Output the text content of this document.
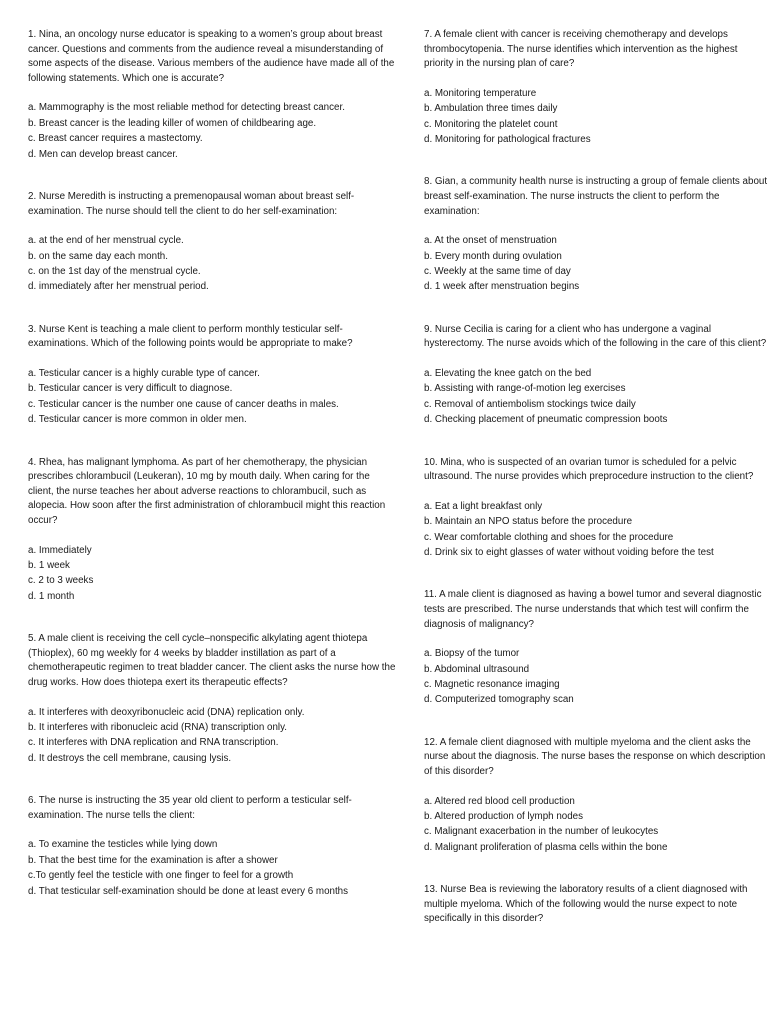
1. Nina, an oncology nurse educator is speaking to a women’s group about breast cancer. Questions and comments from the audience reveal a misunderstanding of some aspects of the disease. Various members of the audience have made all of the following statements. Which one is accurate?

a. Mammography is the most reliable method for detecting breast cancer.

b. Breast cancer is the leading killer of women of childbearing age.

c. Breast cancer requires a mastectomy.

d. Men can develop breast cancer.

2. Nurse Meredith is instructing a premenopausal woman about breast self-examination. The nurse should tell the client to do her self-examination:

a. at the end of her menstrual cycle.

b. on the same day each month.

c. on the 1st day of the menstrual cycle.

d. immediately after her menstrual period.

3. Nurse Kent is teaching a male client to perform monthly testicular self-examinations. Which of the following points would be appropriate to make?

a. Testicular cancer is a highly curable type of cancer.

b. Testicular cancer is very difficult to diagnose.

c. Testicular cancer is the number one cause of cancer deaths in males.

d. Testicular cancer is more common in older men.

4. Rhea, has malignant lymphoma. As part of her chemotherapy, the physician prescribes chlorambucil (Leukeran), 10 mg by mouth daily. When caring for the client, the nurse teaches her about adverse reactions to chlorambucil, such as alopecia. How soon after the first administration of chlorambucil might this reaction occur?

a. Immediately

b. 1 week

c. 2 to 3 weeks

d. 1 month

5. A male client is receiving the cell cycle–nonspecific alkylating agent thiotepa (Thioplex), 60 mg weekly for 4 weeks by bladder instillation as part of a chemotherapeutic regimen to treat bladder cancer. The client asks the nurse how the drug works. How does thiotepa exert its therapeutic effects?

a. It interferes with deoxyribonucleic acid (DNA) replication only.

b. It interferes with ribonucleic acid (RNA) transcription only.

c. It interferes with DNA replication and RNA transcription.

d. It destroys the cell membrane, causing lysis.

6. The nurse is instructing the 35 year old client to perform a testicular self-examination. The nurse tells the client:

a. To examine the testicles while lying down

b. That the best time for the examination is after a shower

c.To gently feel the testicle with one finger to feel for a growth

d. That testicular self-examination should be done at least every 6 months

7. A female client with cancer is receiving chemotherapy and develops thrombocytopenia. The nurse identifies which intervention as the highest priority in the nursing plan of care?

a. Monitoring temperature

b. Ambulation three times daily

c. Monitoring the platelet count

d. Monitoring for pathological fractures

8. Gian, a community health nurse is instructing a group of female clients about breast self-examination. The nurse instructs the client to perform the examination:

a. At the onset of menstruation

b. Every month during ovulation

c. Weekly at the same time of day

d. 1 week after menstruation begins

9. Nurse Cecilia is caring for a client who has undergone a vaginal hysterectomy. The nurse avoids which of the following in the care of this client?

a. Elevating the knee gatch on the bed

b. Assisting with range-of-motion leg exercises

c. Removal of antiembolism stockings twice daily

d. Checking placement of pneumatic compression boots

10. Mina, who is suspected of an ovarian tumor is scheduled for a pelvic ultrasound. The nurse provides which preprocedure instruction to the client?

a. Eat a light breakfast only

b. Maintain an NPO status before the procedure

c. Wear comfortable clothing and shoes for the procedure

d. Drink six to eight glasses of water without voiding before the test

11. A male client is diagnosed as having a bowel tumor and several diagnostic tests are prescribed. The nurse understands that which test will confirm the diagnosis of malignancy?

a. Biopsy of the tumor

b. Abdominal ultrasound

c. Magnetic resonance imaging

d. Computerized tomography scan

12. A female client diagnosed with multiple myeloma and the client asks the nurse about the diagnosis. The nurse bases the response on which description of this disorder?

a. Altered red blood cell production

b. Altered production of lymph nodes

c. Malignant exacerbation in the number of leukocytes

d. Malignant proliferation of plasma cells within the bone

13. Nurse Bea is reviewing the laboratory results of a client diagnosed with multiple myeloma. Which of the following would the nurse expect to note specifically in this disorder?
